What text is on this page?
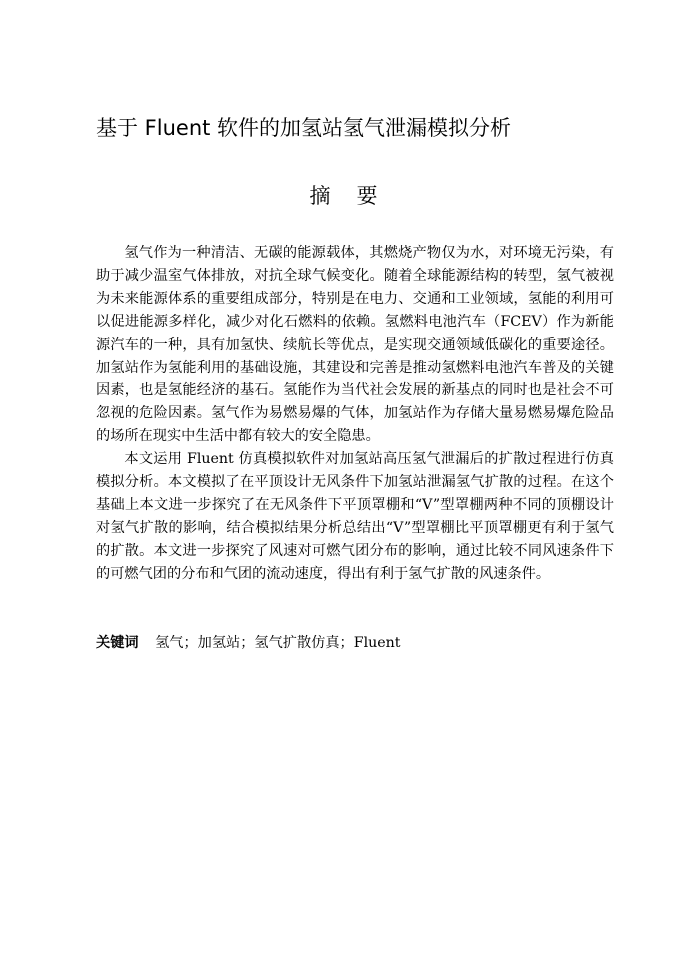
基于 Fluent 软件的加氢站氢气泄漏模拟分析
摘要

氢气作为一种清洁、无碳的能源载体，其燃烧产物仅为水，对环境无污染，有助于减少温室气体排放，对抗全球气候变化。随着全球能源结构的转型，氢气被视为未来能源体系的重要组成部分，特别是在电力、交通和工业领域，氢能的利用可以促进能源多样化，减少对化石燃料的依赖。氢燃料电池汽车（FCEV）作为新能源汽车的一种，具有加氢快、续航长等优点，是实现交通领域低碳化的重要途径。加氢站作为氢能利用的基础设施，其建设和完善是推动氢燃料电池汽车普及的关键因素，也是氢能经济的基石。氢能作为当代社会发展的新基点的同时也是社会不可忽视的危险因素。氢气作为易燃易爆的气体，加氢站作为存储大量易燃易爆危险品的场所在现实中生活中都有较大的安全隐患。

本文运用 Fluent 仿真模拟软件对加氢站高压氢气泄漏后的扩散过程进行仿真模拟分析。本文模拟了在平顶设计无风条件下加氢站泄漏氢气扩散的过程。在这个基础上本文进一步探究了在无风条件下平顶罩棚和“V”型罩棚两种不同的顶棚设计对氢气扩散的影响，结合模拟结果分析总结出“V”型罩棚比平顶罩棚更有利于氢气的扩散。本文进一步探究了风速对可燃气团分布的影响，通过比较不同风速条件下的可燃气团的分布和气团的流动速度，得出有利于氢气扩散的风速条件。

关键词 氢气；加氢站；氢气扩散仿真；Fluent
